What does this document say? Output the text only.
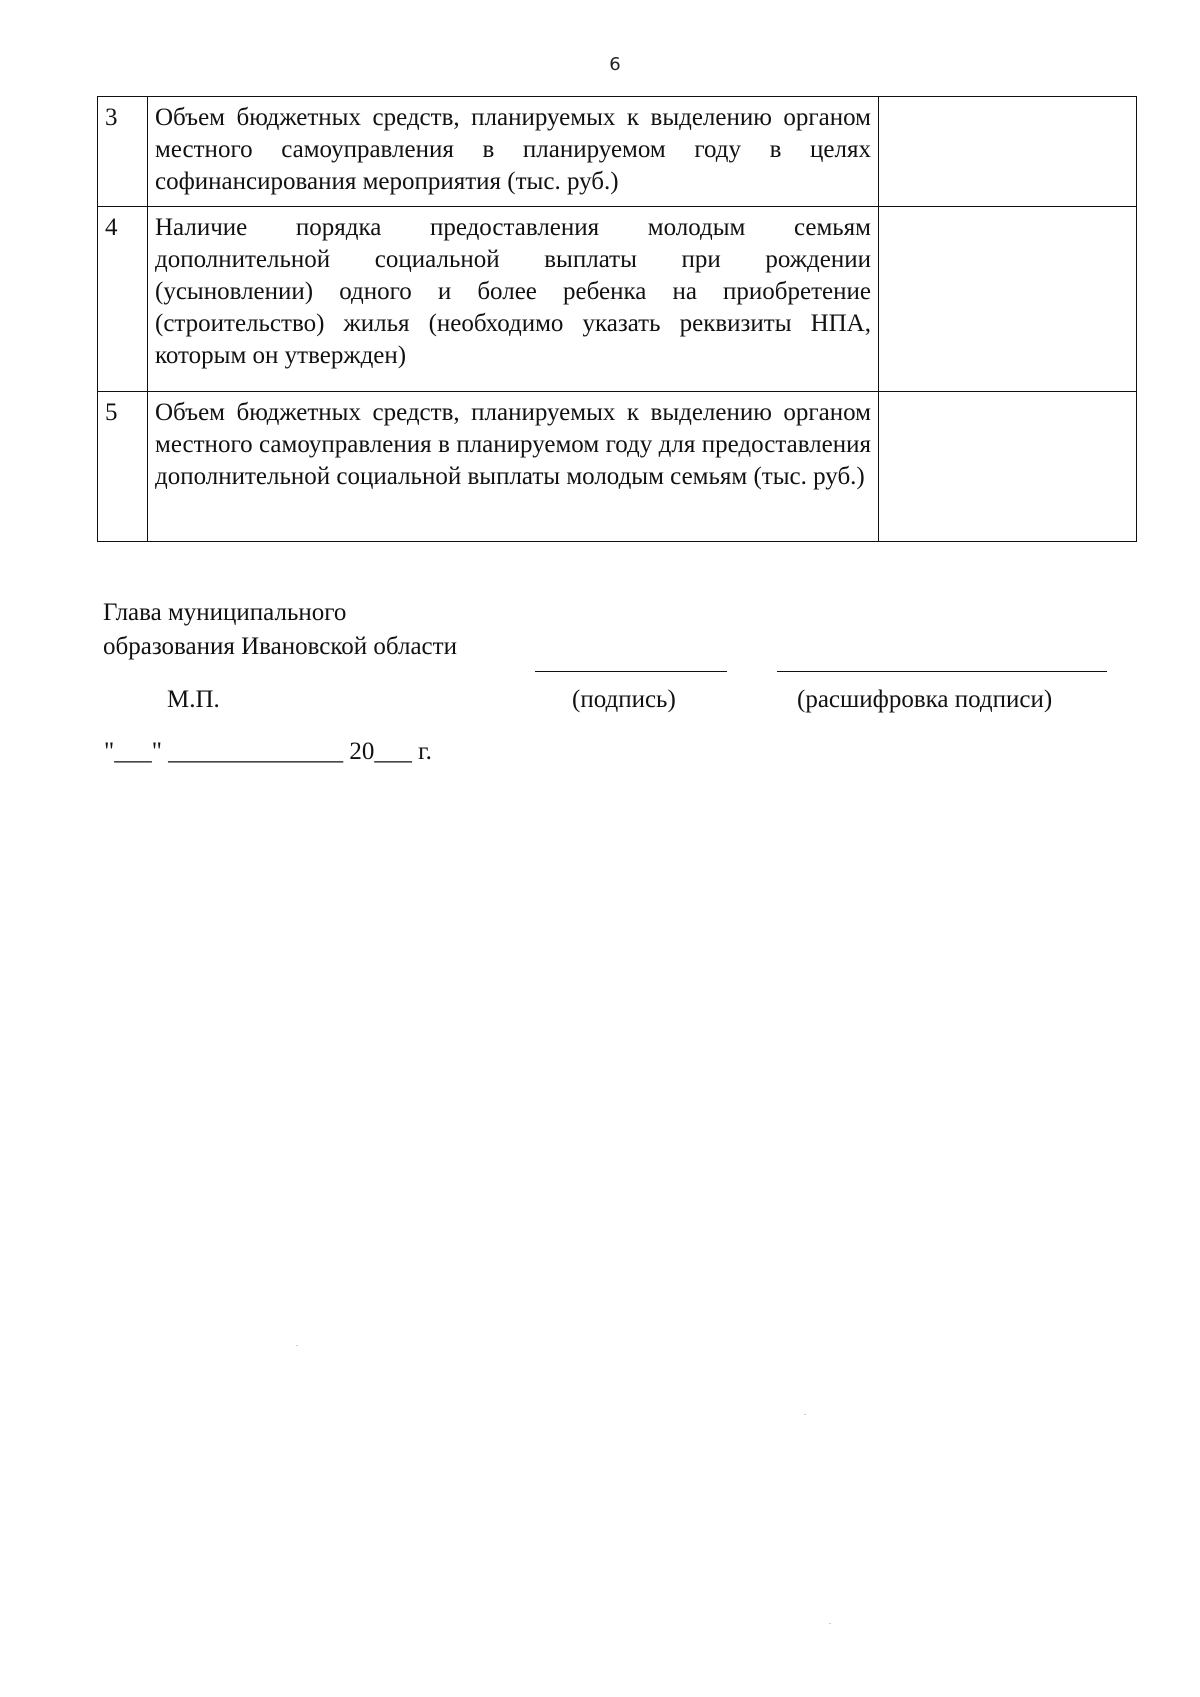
6
3	Объем бюджетных средств, планируемых к выделению органом местного самоуправления в планируемом году в целях софинансирования мероприятия (тыс. руб.)	
4	Наличие порядка предоставления молодым семьям дополнительной социальной выплаты при рождении (усыновлении) одного и более ребенка на приобретение (строительство) жилья (необходимо указать реквизиты НПА, которым он утвержден)	
5	Объем бюджетных средств, планируемых к выделению органом местного самоуправления в планируемом году для предоставления дополнительной социальной выплаты молодым семьям (тыс. руб.)	
Глава муниципального
образования Ивановской области
М.П.	(подпись)	(расшифровка подписи)
"___" ______________ 20___ г.
